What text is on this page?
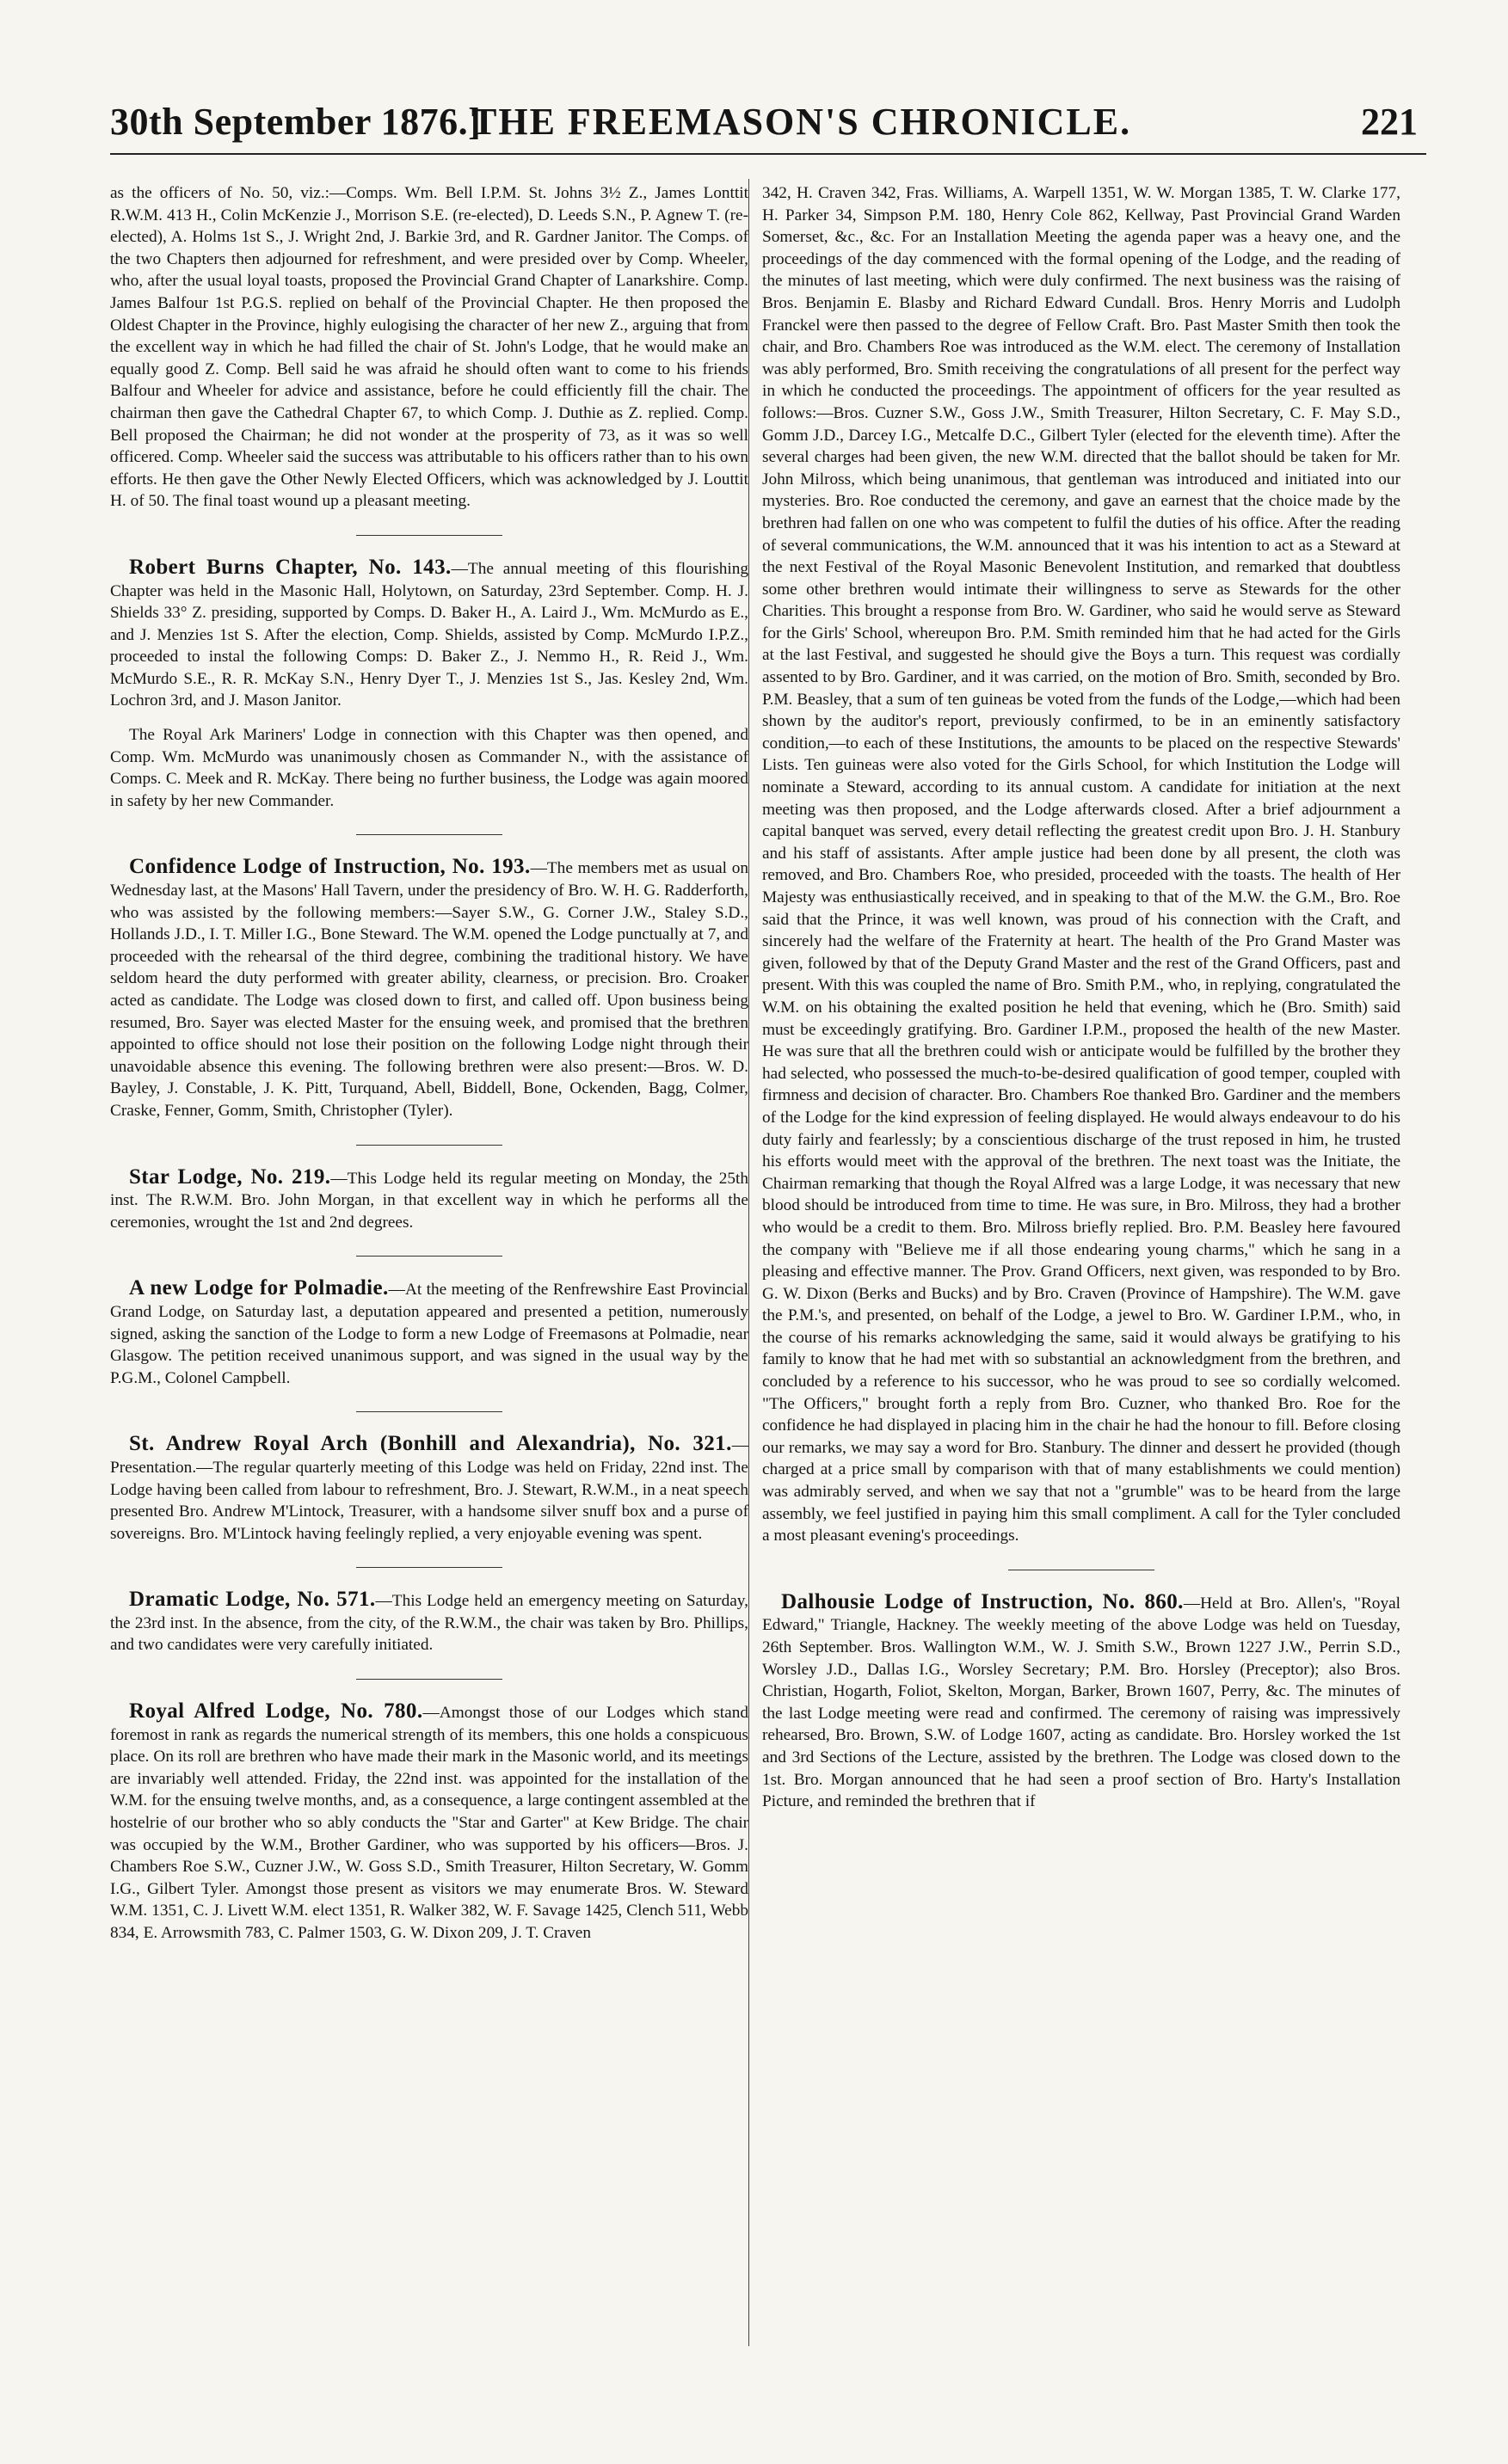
30th September 1876.]
THE FREEMASON'S CHRONICLE.	221

as the officers of No. 50, viz.:—Comps. Wm. Bell I.P.M. St. Johns 3½ Z., James Lonttit R.W.M. 413 H., Colin McKenzie J., Morrison S.E. (re-elected), D. Leeds S.N., P. Agnew T. (re-elected), A. Holms 1st S., J. Wright 2nd, J. Barkie 3rd, and R. Gardner Janitor. The Comps. of the two Chapters then adjourned for refreshment, and were presided over by Comp. Wheeler, who, after the usual loyal toasts, proposed the Provincial Grand Chapter of Lanarkshire. Comp. James Balfour 1st P.G.S. replied on behalf of the Provincial Chapter. He then proposed the Oldest Chapter in the Province, highly eulogising the character of her new Z., arguing that from the excellent way in which he had filled the chair of St. John's Lodge, that he would make an equally good Z. Comp. Bell said he was afraid he should often want to come to his friends Balfour and Wheeler for advice and assistance, before he could efficiently fill the chair. The chairman then gave the Cathedral Chapter 67, to which Comp. J. Duthie as Z. replied. Comp. Bell proposed the Chairman; he did not wonder at the prosperity of 73, as it was so well officered. Comp. Wheeler said the success was attributable to his officers rather than to his own efforts. He then gave the Other Newly Elected Officers, which was acknowledged by J. Louttit H. of 50. The final toast wound up a pleasant meeting.

Robert Burns Chapter, No. 143.—The annual meeting of this flourishing Chapter was held in the Masonic Hall, Holytown, on Saturday, 23rd September. Comp. H. J. Shields 33° Z. presiding, supported by Comps. D. Baker H., A. Laird J., Wm. McMurdo as E., and J. Menzies 1st S. After the election, Comp. Shields, assisted by Comp. McMurdo I.P.Z., proceeded to instal the following Comps: D. Baker Z., J. Nemmo H., R. Reid J., Wm. McMurdo S.E., R. R. McKay S.N., Henry Dyer T., J. Menzies 1st S., Jas. Kesley 2nd, Wm. Lochron 3rd, and J. Mason Janitor.

The Royal Ark Mariners' Lodge in connection with this Chapter was then opened, and Comp. Wm. McMurdo was unanimously chosen as Commander N., with the assistance of Comps. C. Meek and R. McKay. There being no further business, the Lodge was again moored in safety by her new Commander.

Confidence Lodge of Instruction, No. 193.—The members met as usual on Wednesday last, at the Masons' Hall Tavern, under the presidency of Bro. W. H. G. Radderforth, who was assisted by the following members:—Sayer S.W., G. Corner J.W., Staley S.D., Hollands J.D., I. T. Miller I.G., Bone Steward. The W.M. opened the Lodge punctually at 7, and proceeded with the rehearsal of the third degree, combining the traditional history. We have seldom heard the duty performed with greater ability, clearness, or precision. Bro. Croaker acted as candidate. The Lodge was closed down to first, and called off. Upon business being resumed, Bro. Sayer was elected Master for the ensuing week, and promised that the brethren appointed to office should not lose their position on the following Lodge night through their unavoidable absence this evening. The following brethren were also present:—Bros. W. D. Bayley, J. Constable, J. K. Pitt, Turquand, Abell, Biddell, Bone, Ockenden, Bagg, Colmer, Craske, Fenner, Gomm, Smith, Christopher (Tyler).

Star Lodge, No. 219.—This Lodge held its regular meeting on Monday, the 25th inst. The R.W.M. Bro. John Morgan, in that excellent way in which he performs all the ceremonies, wrought the 1st and 2nd degrees.

A new Lodge for Polmadie.—At the meeting of the Renfrewshire East Provincial Grand Lodge, on Saturday last, a deputation appeared and presented a petition, numerously signed, asking the sanction of the Lodge to form a new Lodge of Freemasons at Polmadie, near Glasgow. The petition received unanimous support, and was signed in the usual way by the P.G.M., Colonel Campbell.

St. Andrew Royal Arch (Bonhill and Alexandria), No. 321.—Presentation.—The regular quarterly meeting of this Lodge was held on Friday, 22nd inst. The Lodge having been called from labour to refreshment, Bro. J. Stewart, R.W.M., in a neat speech presented Bro. Andrew M'Lintock, Treasurer, with a handsome silver snuff box and a purse of sovereigns. Bro. M'Lintock having feelingly replied, a very enjoyable evening was spent.

Dramatic Lodge, No. 571.—This Lodge held an emergency meeting on Saturday, the 23rd inst. In the absence, from the city, of the R.W.M., the chair was taken by Bro. Phillips, and two candidates were very carefully initiated.

Royal Alfred Lodge, No. 780.—Amongst those of our Lodges which stand foremost in rank as regards the numerical strength of its members, this one holds a conspicuous place. On its roll are brethren who have made their mark in the Masonic world, and its meetings are invariably well attended. Friday, the 22nd inst. was appointed for the installation of the W.M. for the ensuing twelve months, and, as a consequence, a large contingent assembled at the hostelrie of our brother who so ably conducts the "Star and Garter" at Kew Bridge. The chair was occupied by the W.M., Brother Gardiner, who was supported by his officers—Bros. J. Chambers Roe S.W., Cuzner J.W., W. Goss S.D., Smith Treasurer, Hilton Secretary, W. Gomm I.G., Gilbert Tyler. Amongst those present as visitors we may enumerate Bros. W. Steward W.M. 1351, C. J. Livett W.M. elect 1351, R. Walker 382, W. F. Savage 1425, Clench 511, Webb 834, E. Arrowsmith 783, C. Palmer 1503, G. W. Dixon 209, J. T. Craven

342, H. Craven 342, Fras. Williams, A. Warpell 1351, W. W. Morgan 1385, T. W. Clarke 177, H. Parker 34, Simpson P.M. 180, Henry Cole 862, Kellway, Past Provincial Grand Warden Somerset, &c., &c. For an Installation Meeting the agenda paper was a heavy one, and the proceedings of the day commenced with the formal opening of the Lodge, and the reading of the minutes of last meeting, which were duly confirmed. The next business was the raising of Bros. Benjamin E. Blasby and Richard Edward Cundall. Bros. Henry Morris and Ludolph Franckel were then passed to the degree of Fellow Craft. Bro. Past Master Smith then took the chair, and Bro. Chambers Roe was introduced as the W.M. elect. The ceremony of Installation was ably performed, Bro. Smith receiving the congratulations of all present for the perfect way in which he conducted the proceedings. The appointment of officers for the year resulted as follows:—Bros. Cuzner S.W., Goss J.W., Smith Treasurer, Hilton Secretary, C. F. May S.D., Gomm J.D., Darcey I.G., Metcalfe D.C., Gilbert Tyler (elected for the eleventh time). After the several charges had been given, the new W.M. directed that the ballot should be taken for Mr. John Milross, which being unanimous, that gentleman was introduced and initiated into our mysteries. Bro. Roe conducted the ceremony, and gave an earnest that the choice made by the brethren had fallen on one who was competent to fulfil the duties of his office. After the reading of several communications, the W.M. announced that it was his intention to act as a Steward at the next Festival of the Royal Masonic Benevolent Institution, and remarked that doubtless some other brethren would intimate their willingness to serve as Stewards for the other Charities. This brought a response from Bro. W. Gardiner, who said he would serve as Steward for the Girls' School, whereupon Bro. P.M. Smith reminded him that he had acted for the Girls at the last Festival, and suggested he should give the Boys a turn. This request was cordially assented to by Bro. Gardiner, and it was carried, on the motion of Bro. Smith, seconded by Bro. P.M. Beasley, that a sum of ten guineas be voted from the funds of the Lodge,—which had been shown by the auditor's report, previously confirmed, to be in an eminently satisfactory condition,—to each of these Institutions, the amounts to be placed on the respective Stewards' Lists. Ten guineas were also voted for the Girls School, for which Institution the Lodge will nominate a Steward, according to its annual custom. A candidate for initiation at the next meeting was then proposed, and the Lodge afterwards closed. After a brief adjournment a capital banquet was served, every detail reflecting the greatest credit upon Bro. J. H. Stanbury and his staff of assistants. After ample justice had been done by all present, the cloth was removed, and Bro. Chambers Roe, who presided, proceeded with the toasts. The health of Her Majesty was enthusiastically received, and in speaking to that of the M.W. the G.M., Bro. Roe said that the Prince, it was well known, was proud of his connection with the Craft, and sincerely had the welfare of the Fraternity at heart. The health of the Pro Grand Master was given, followed by that of the Deputy Grand Master and the rest of the Grand Officers, past and present. With this was coupled the name of Bro. Smith P.M., who, in replying, congratulated the W.M. on his obtaining the exalted position he held that evening, which he (Bro. Smith) said must be exceedingly gratifying. Bro. Gardiner I.P.M., proposed the health of the new Master. He was sure that all the brethren could wish or anticipate would be fulfilled by the brother they had selected, who possessed the much-to-be-desired qualification of good temper, coupled with firmness and decision of character. Bro. Chambers Roe thanked Bro. Gardiner and the members of the Lodge for the kind expression of feeling displayed. He would always endeavour to do his duty fairly and fearlessly; by a conscientious discharge of the trust reposed in him, he trusted his efforts would meet with the approval of the brethren. The next toast was the Initiate, the Chairman remarking that though the Royal Alfred was a large Lodge, it was necessary that new blood should be introduced from time to time. He was sure, in Bro. Milross, they had a brother who would be a credit to them. Bro. Milross briefly replied. Bro. P.M. Beasley here favoured the company with "Believe me if all those endearing young charms," which he sang in a pleasing and effective manner. The Prov. Grand Officers, next given, was responded to by Bro. G. W. Dixon (Berks and Bucks) and by Bro. Craven (Province of Hampshire). The W.M. gave the P.M.'s, and presented, on behalf of the Lodge, a jewel to Bro. W. Gardiner I.P.M., who, in the course of his remarks acknowledging the same, said it would always be gratifying to his family to know that he had met with so substantial an acknowledgment from the brethren, and concluded by a reference to his successor, who he was proud to see so cordially welcomed. "The Officers," brought forth a reply from Bro. Cuzner, who thanked Bro. Roe for the confidence he had displayed in placing him in the chair he had the honour to fill. Before closing our remarks, we may say a word for Bro. Stanbury. The dinner and dessert he provided (though charged at a price small by comparison with that of many establishments we could mention) was admirably served, and when we say that not a "grumble" was to be heard from the large assembly, we feel justified in paying him this small compliment. A call for the Tyler concluded a most pleasant evening's proceedings.

Dalhousie Lodge of Instruction, No. 860.—Held at Bro. Allen's, "Royal Edward," Triangle, Hackney. The weekly meeting of the above Lodge was held on Tuesday, 26th September. Bros. Wallington W.M., W. J. Smith S.W., Brown 1227 J.W., Perrin S.D., Worsley J.D., Dallas I.G., Worsley Secretary; P.M. Bro. Horsley (Preceptor); also Bros. Christian, Hogarth, Foliot, Skelton, Morgan, Barker, Brown 1607, Perry, &c. The minutes of the last Lodge meeting were read and confirmed. The ceremony of raising was impressively rehearsed, Bro. Brown, S.W. of Lodge 1607, acting as candidate. Bro. Horsley worked the 1st and 3rd Sections of the Lecture, assisted by the brethren. The Lodge was closed down to the 1st. Bro. Morgan announced that he had seen a proof section of Bro. Harty's Installation Picture, and reminded the brethren that if
